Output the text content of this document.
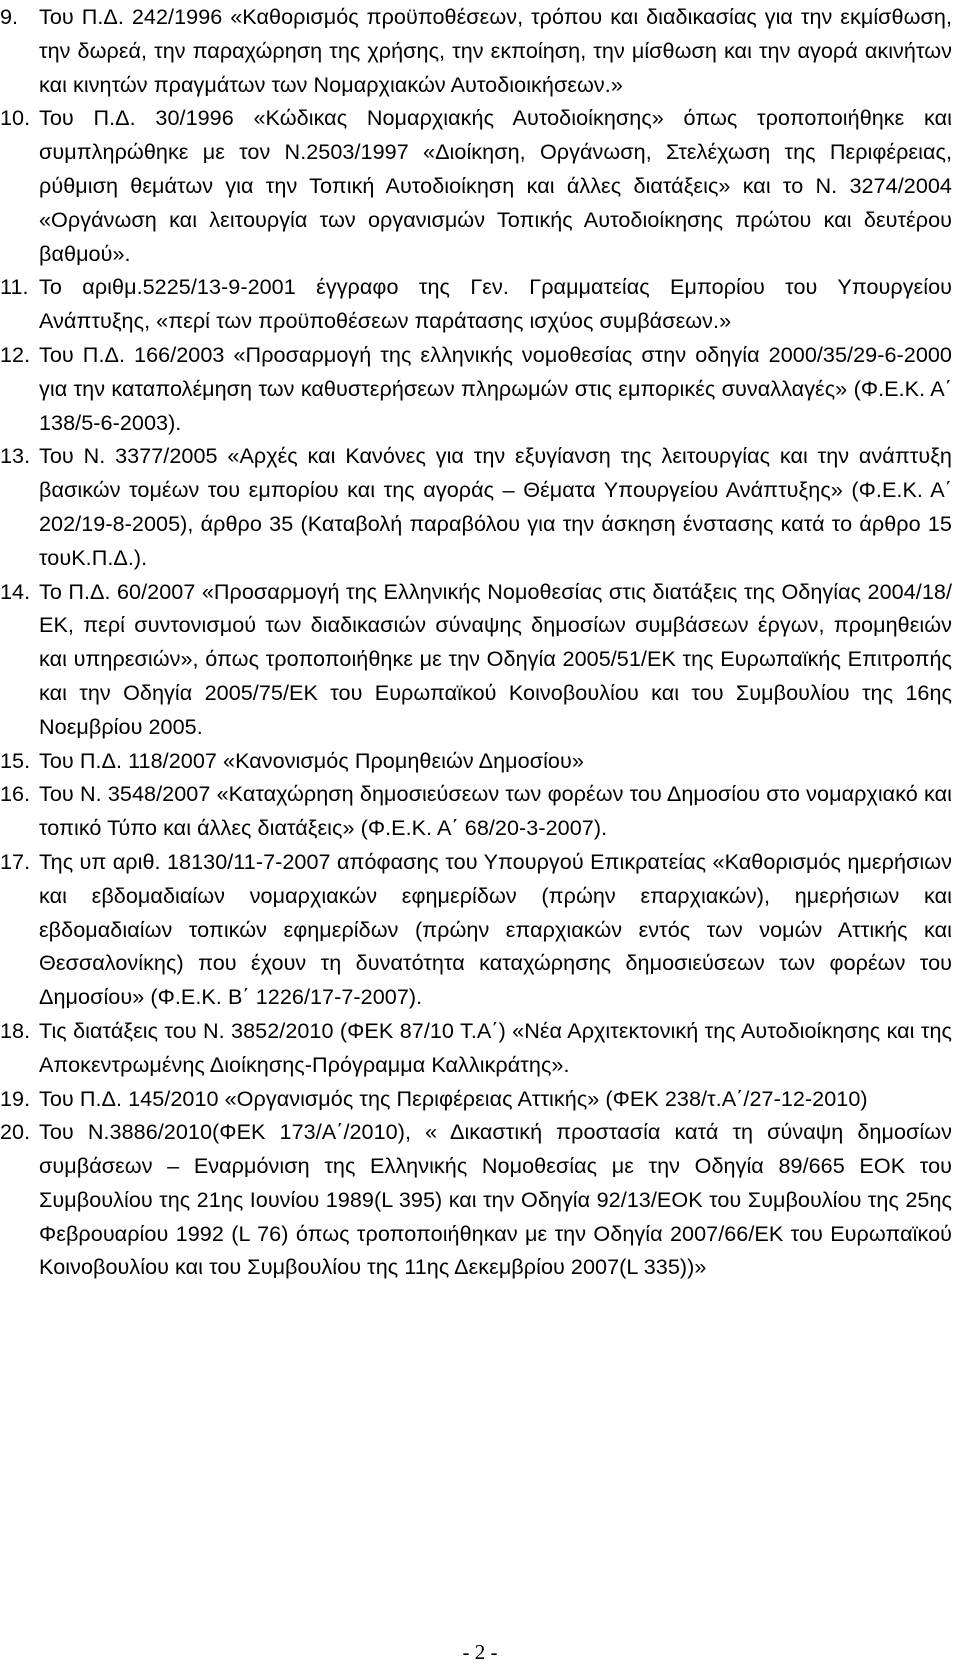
9. Του Π.Δ. 242/1996 «Καθορισμός προϋποθέσεων, τρόπου και διαδικασίας για την εκμίσθωση, την δωρεά, την παραχώρηση της χρήσης, την εκποίηση, την μίσθωση και την αγορά ακινήτων και κινητών πραγμάτων των Νομαρχιακών Αυτοδιοικήσεων.»
10. Του Π.Δ. 30/1996 «Κώδικας Νομαρχιακής Αυτοδιοίκησης» όπως τροποποιήθηκε και συμπληρώθηκε με τον Ν.2503/1997 «Διοίκηση, Οργάνωση, Στελέχωση της Περιφέρειας, ρύθμιση θεμάτων για την Τοπική Αυτοδιοίκηση και άλλες διατάξεις» και το Ν. 3274/2004 «Οργάνωση και λειτουργία των οργανισμών Τοπικής Αυτοδιοίκησης πρώτου και δευτέρου βαθμού».
11. Το αριθμ.5225/13-9-2001 έγγραφο της Γεν. Γραμματείας Εμπορίου του Υπουργείου Ανάπτυξης, «περί των προϋποθέσεων παράτασης ισχύος συμβάσεων.»
12. Του Π.Δ. 166/2003 «Προσαρμογή της ελληνικής νομοθεσίας στην οδηγία 2000/35/29-6-2000 για την καταπολέμηση των καθυστερήσεων πληρωμών στις εμπορικές συναλλαγές» (Φ.Ε.Κ. Α΄ 138/5-6-2003).
13. Του Ν. 3377/2005 «Αρχές και Κανόνες για την εξυγίανση της λειτουργίας και την ανάπτυξη βασικών τομέων του εμπορίου και της αγοράς – Θέματα Υπουργείου Ανάπτυξης» (Φ.Ε.Κ. Α΄ 202/19-8-2005), άρθρο 35 (Καταβολή παραβόλου για την άσκηση ένστασης κατά το άρθρο 15 τουΚ.Π.Δ.).
14. Το Π.Δ. 60/2007 «Προσαρμογή της Ελληνικής Νομοθεσίας στις διατάξεις της Οδηγίας 2004/18/ΕΚ, περί συντονισμού των διαδικασιών σύναψης δημοσίων συμβάσεων έργων, προμηθειών και υπηρεσιών», όπως τροποποιήθηκε με την Οδηγία 2005/51/ΕΚ της Ευρωπαϊκής Επιτροπής και την Οδηγία 2005/75/ΕΚ του Ευρωπαϊκού Κοινοβουλίου και του Συμβουλίου της 16ης Νοεμβρίου 2005.
15. Του Π.Δ. 118/2007 «Κανονισμός Προμηθειών Δημοσίου»
16. Του Ν. 3548/2007 «Καταχώρηση δημοσιεύσεων των φορέων του Δημοσίου στο νομαρχιακό και τοπικό Τύπο και άλλες διατάξεις» (Φ.Ε.Κ. Α΄ 68/20-3-2007).
17. Της υπ αριθ. 18130/11-7-2007 απόφασης του Υπουργού Επικρατείας «Καθορισμός ημερήσιων και εβδομαδιαίων νομαρχιακών εφημερίδων (πρώην επαρχιακών), ημερήσιων και εβδομαδιαίων τοπικών εφημερίδων (πρώην επαρχιακών εντός των νομών Αττικής και Θεσσαλονίκης) που έχουν τη δυνατότητα καταχώρησης δημοσιεύσεων των φορέων του Δημοσίου» (Φ.Ε.Κ. Β΄ 1226/17-7-2007).
18. Τις διατάξεις του Ν. 3852/2010 (ΦΕΚ 87/10 Τ.Α΄) «Νέα Αρχιτεκτονική της Αυτοδιοίκησης και της Αποκεντρωμένης Διοίκησης-Πρόγραμμα Καλλικράτης».
19. Του Π.Δ. 145/2010 «Οργανισμός της Περιφέρειας Αττικής» (ΦΕΚ 238/τ.Α΄/27-12-2010)
20. Του Ν.3886/2010(ΦΕΚ 173/Α΄/2010), « Δικαστική προστασία κατά τη σύναψη δημοσίων συμβάσεων – Εναρμόνιση της Ελληνικής Νομοθεσίας με την Οδηγία 89/665 ΕΟΚ του Συμβουλίου της 21ης Ιουνίου 1989(L 395) και την Οδηγία 92/13/ΕΟΚ του Συμβουλίου της 25ης Φεβρουαρίου 1992 (L 76) όπως τροποποιήθηκαν με την Οδηγία 2007/66/ΕΚ του Ευρωπαϊκού Κοινοβουλίου και του Συμβουλίου της 11ης Δεκεμβρίου 2007(L 335))»
- 2 -
